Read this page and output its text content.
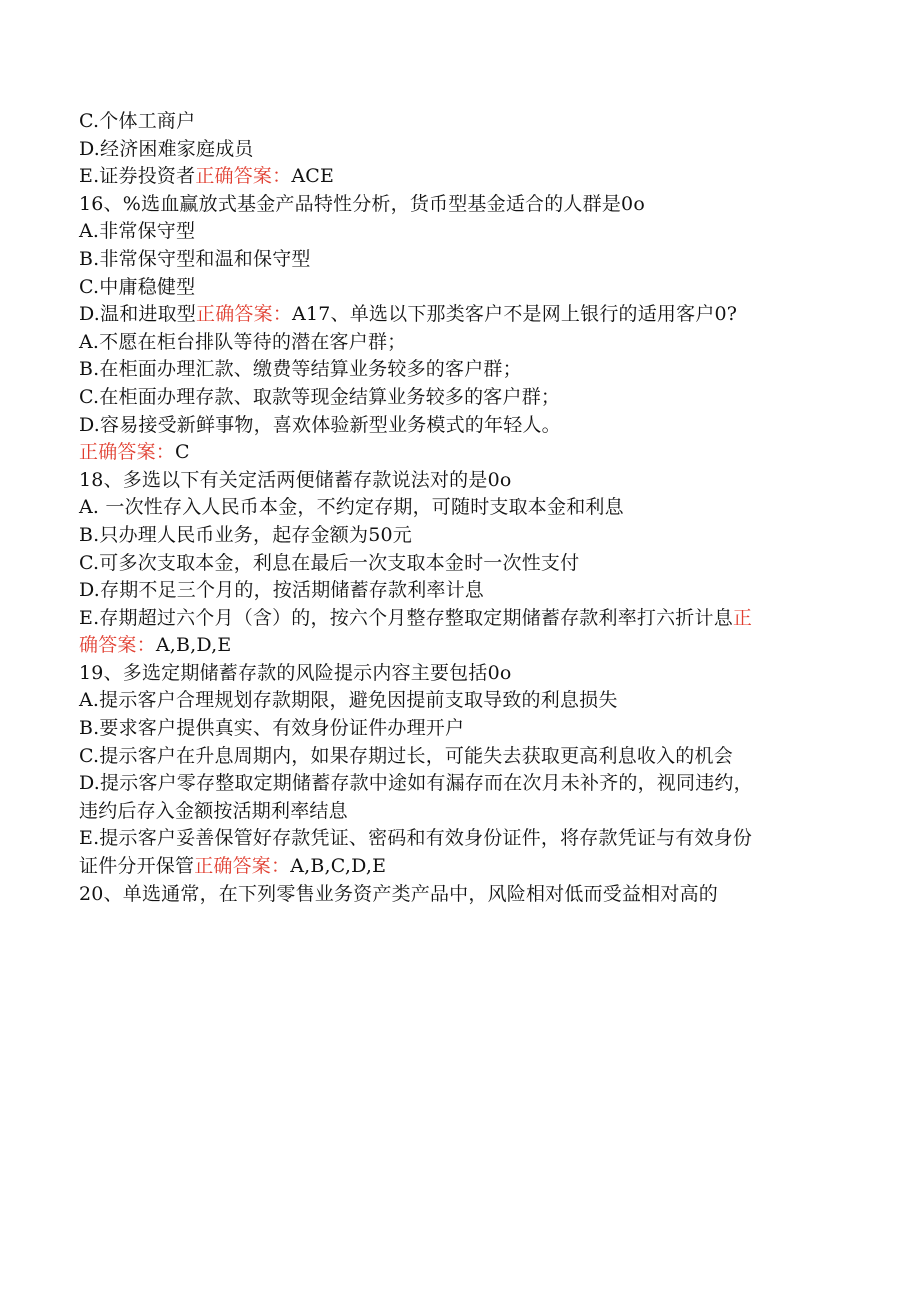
C.个体工商户
D.经济困难家庭成员
E.证券投资者正确答案：ACE
16、%选血赢放式基金产品特性分析，货币型基金适合的人群是0o
A.非常保守型
B.非常保守型和温和保守型
C.中庸稳健型
D.温和进取型正确答案：A17、单选以下那类客户不是网上银行的适用客户0?
A.不愿在柜台排队等待的潜在客户群；
B.在柜面办理汇款、缴费等结算业务较多的客户群；
C.在柜面办理存款、取款等现金结算业务较多的客户群；
D.容易接受新鲜事物，喜欢体验新型业务模式的年轻人。
正确答案：C
18、多选以下有关定活两便储蓄存款说法对的是0o
A. 一次性存入人民币本金，不约定存期，可随时支取本金和利息
B.只办理人民币业务，起存金额为50元
C.可多次支取本金，利息在最后一次支取本金时一次性支付
D.存期不足三个月的，按活期储蓄存款利率计息
E.存期超过六个月（含）的，按六个月整存整取定期储蓄存款利率打六折计息正
确答案：A,B,D,E
19、多选定期储蓄存款的风险提示内容主要包括0o
A.提示客户合理规划存款期限，避免因提前支取导致的利息损失
B.要求客户提供真实、有效身份证件办理开户
C.提示客户在升息周期内，如果存期过长，可能失去获取更高利息收入的机会
D.提示客户零存整取定期储蓄存款中途如有漏存而在次月未补齐的，视同违约，
违约后存入金额按活期利率结息
E.提示客户妥善保管好存款凭证、密码和有效身份证件，将存款凭证与有效身份
证件分开保管正确答案：A,B,C,D,E
20、单选通常，在下列零售业务资产类产品中，风险相对低而受益相对高的
